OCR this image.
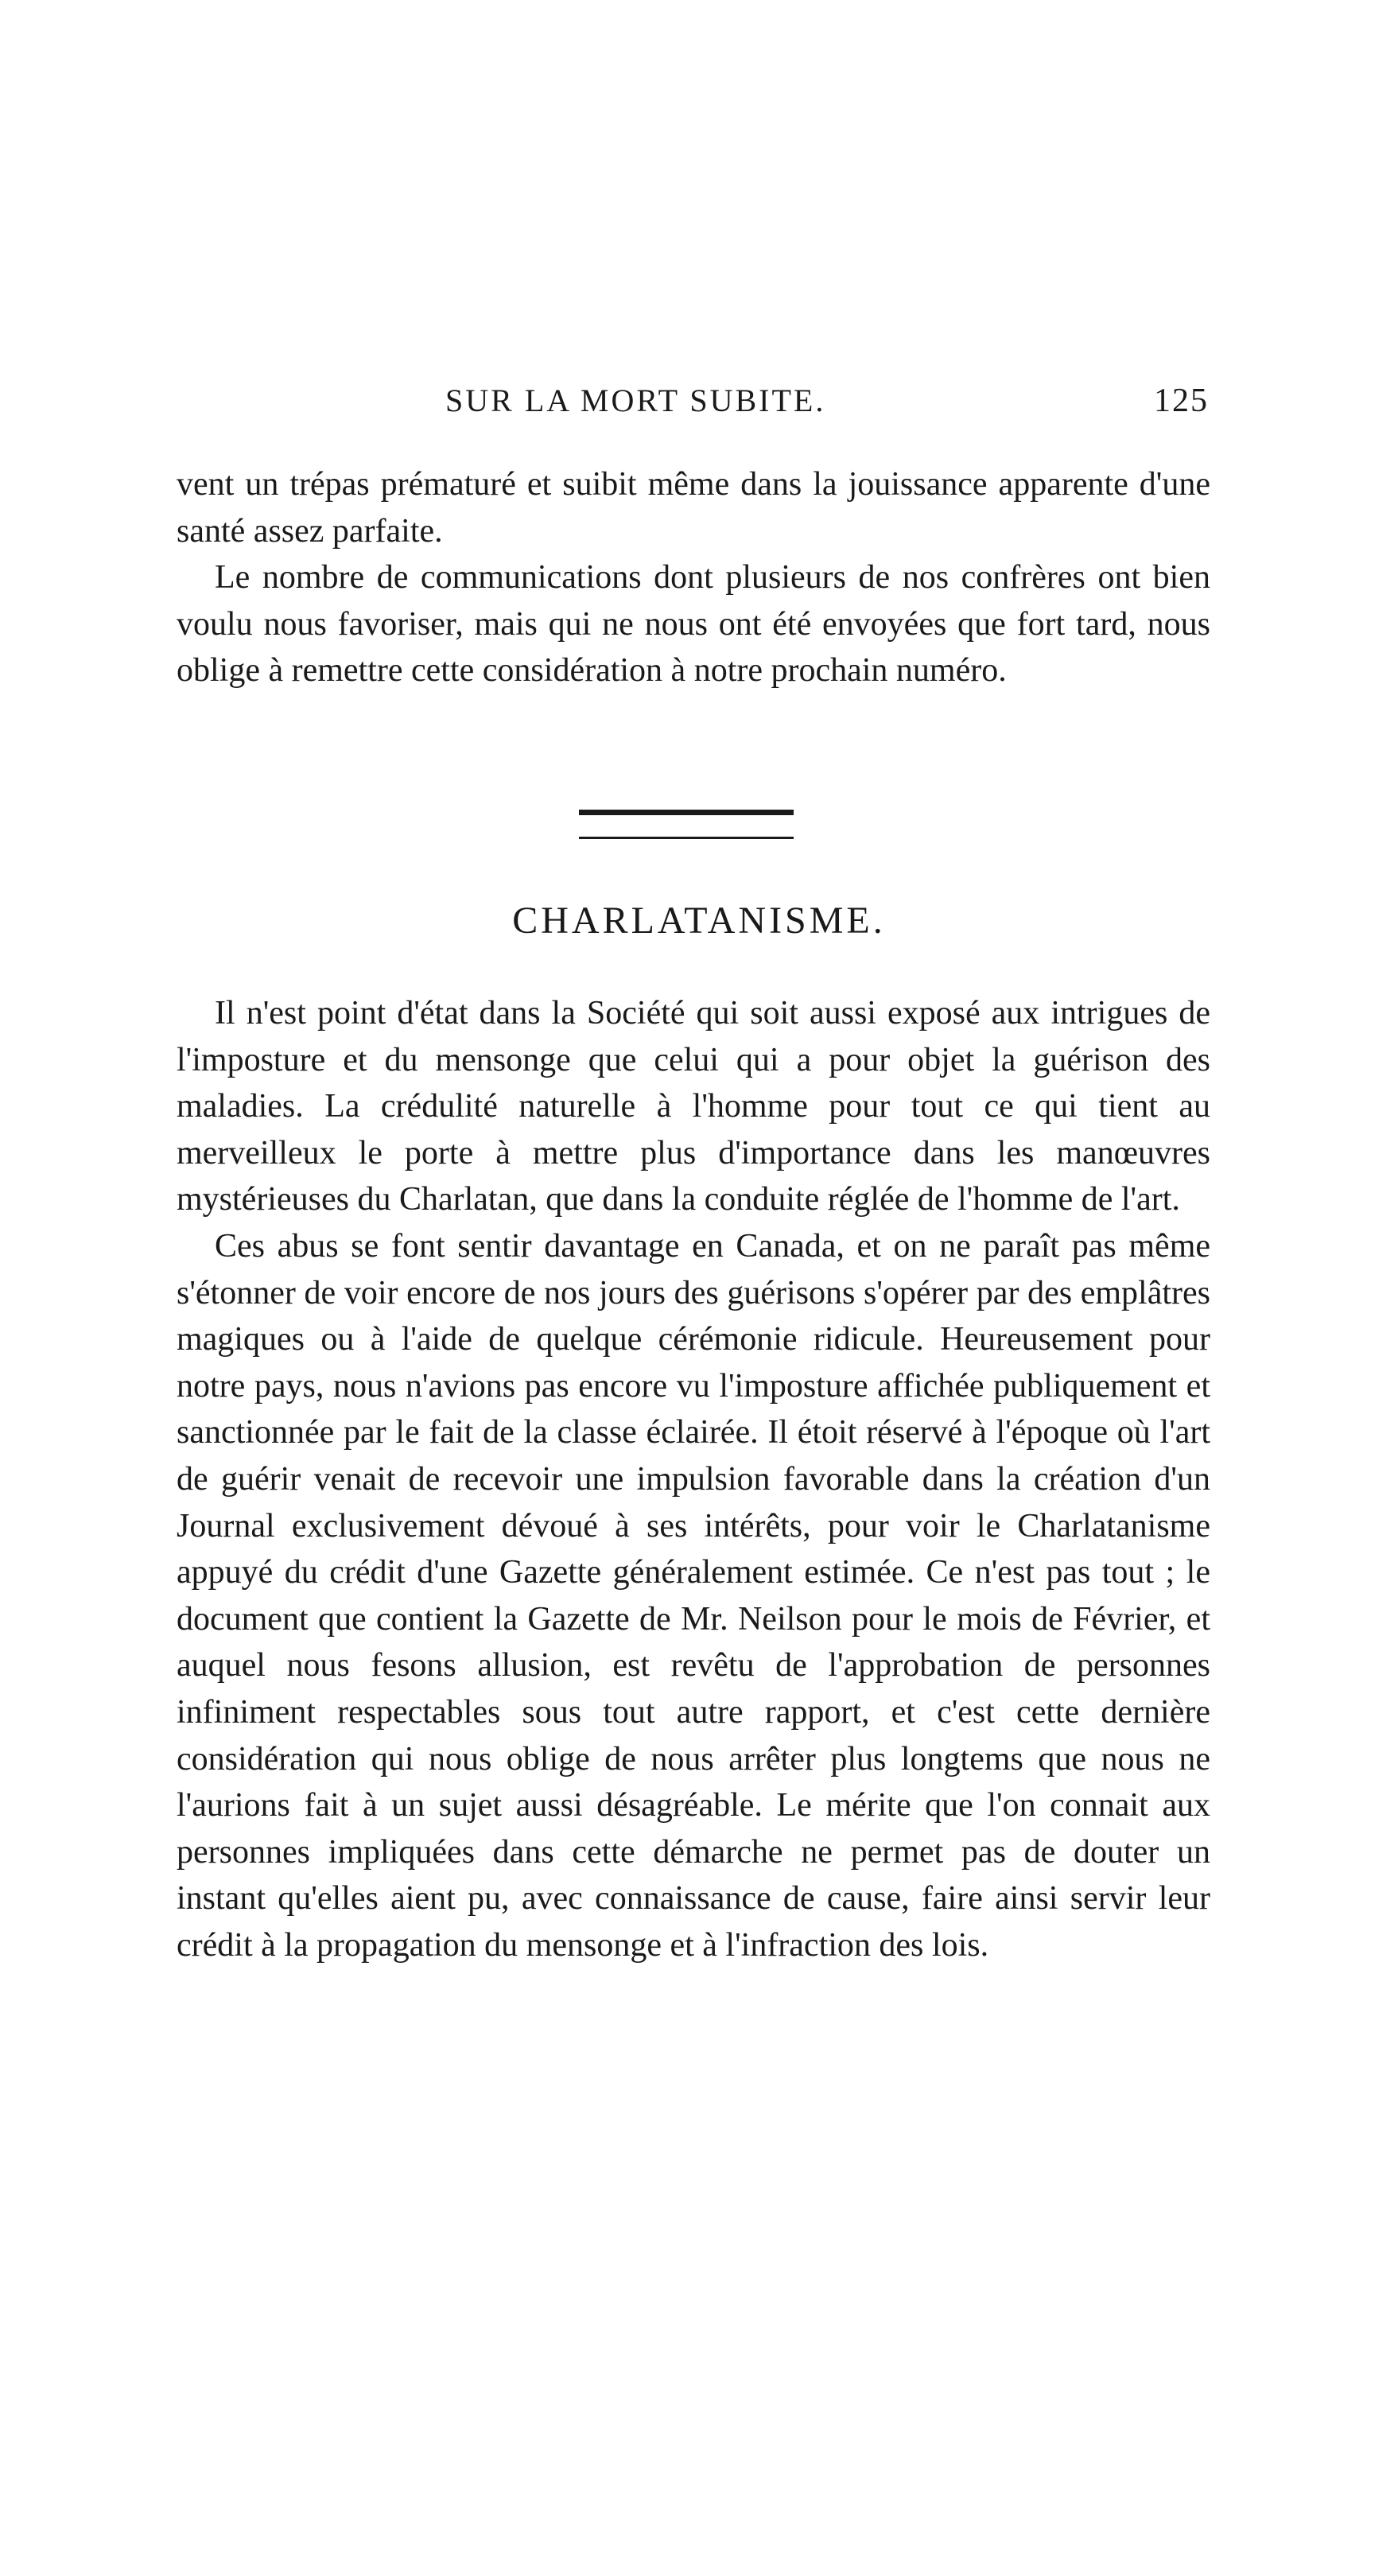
SUR LA MORT SUBITE.	125

vent un trépas prématuré et suibit même dans la jouissance apparente d'une santé assez parfaite.

Le nombre de communications dont plusieurs de nos confrères ont bien voulu nous favoriser, mais qui ne nous ont été envoyées que fort tard, nous oblige à remettre cette considération à notre prochain numéro.

CHARLATANISME.

Il n'est point d'état dans la Société qui soit aussi exposé aux intrigues de l'imposture et du mensonge que celui qui a pour objet la guérison des maladies. La crédulité naturelle à l'homme pour tout ce qui tient au merveilleux le porte à mettre plus d'importance dans les manœuvres mystérieuses du Charlatan, que dans la conduite réglée de l'homme de l'art.

Ces abus se font sentir davantage en Canada, et on ne paraît pas même s'étonner de voir encore de nos jours des guérisons s'opérer par des emplâtres magiques ou à l'aide de quelque cérémonie ridicule. Heureusement pour notre pays, nous n'avions pas encore vu l'imposture affichée publiquement et sanctionnée par le fait de la classe éclairée. Il étoit réservé à l'époque où l'art de guérir venait de recevoir une impulsion favorable dans la création d'un Journal exclusivement dévoué à ses intérêts, pour voir le Charlatanisme appuyé du crédit d'une Gazette généralement estimée. Ce n'est pas tout ; le document que contient la Gazette de Mr. Neilson pour le mois de Février, et auquel nous fesons allusion, est revêtu de l'approbation de personnes infiniment respectables sous tout autre rapport, et c'est cette dernière considération qui nous oblige de nous arrêter plus longtems que nous ne l'aurions fait à un sujet aussi désagréable. Le mérite que l'on connait aux personnes impliquées dans cette démarche ne permet pas de douter un instant qu'elles aient pu, avec connaissance de cause, faire ainsi servir leur crédit à la propagation du mensonge et à l'infraction des lois.
